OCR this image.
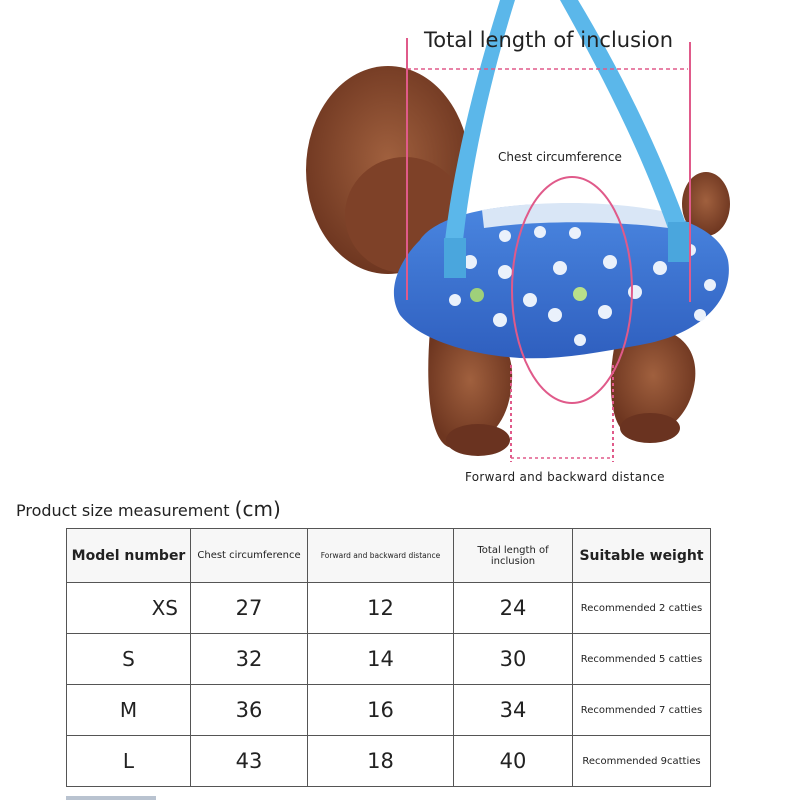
Total length of inclusion
Chest circumference
Forward and backward distance
Product size measurement (cm)
Model number	Chest circumference	Forward and backward distance	Total length of inclusion	Suitable weight
XS	27	12	24	Recommended 2 catties
S	32	14	30	Recommended 5 catties
M	36	16	34	Recommended 7 catties
L	43	18	40	Recommended 9catties
